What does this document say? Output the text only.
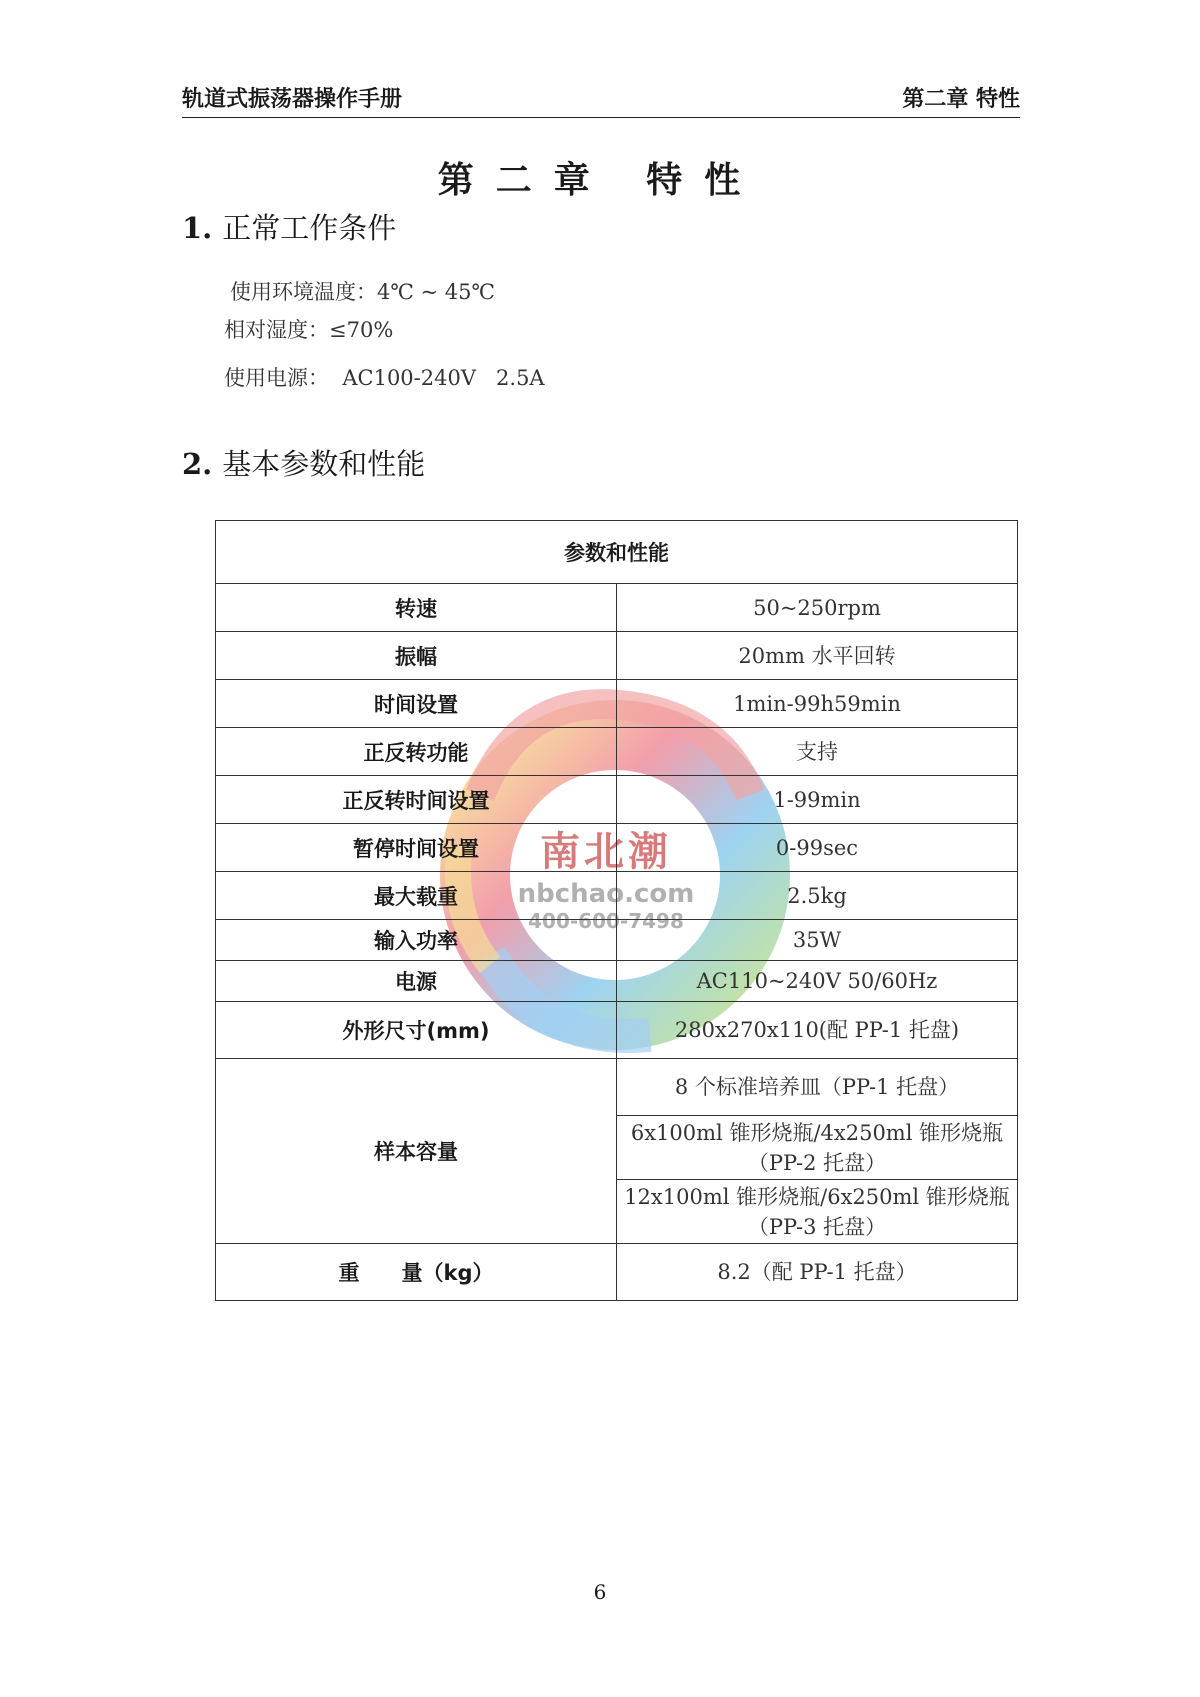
轨道式振荡器操作手册	第二章 特性
第二章 特性
1. 正常工作条件
使用环境温度：4℃ ~ 45℃
相对湿度：≤70%
使用电源：  AC100-240V   2.5A
2. 基本参数和性能
南北潮
nbchao.com
400-600-7498
参数和性能	
转速	50~250rpm
振幅	20mm 水平回转
时间设置	1min-99h59min
正反转功能	支持
正反转时间设置	1-99min
暂停时间设置	0-99sec
最大载重	2.5kg
输入功率	35W
电源	AC110~240V 50/60Hz
外形尺寸(mm)	280x270x110(配 PP-1 托盘)
样本容量	8 个标准培养皿（PP-1 托盘）

	6x100ml 锥形烧瓶/4x250ml 锥形烧瓶
（PP-2 托盘）

	12x100ml 锥形烧瓶/6x250ml 锥形烧瓶
（PP-3 托盘）

重　　量（kg）	8.2（配 PP-1 托盘）
6
